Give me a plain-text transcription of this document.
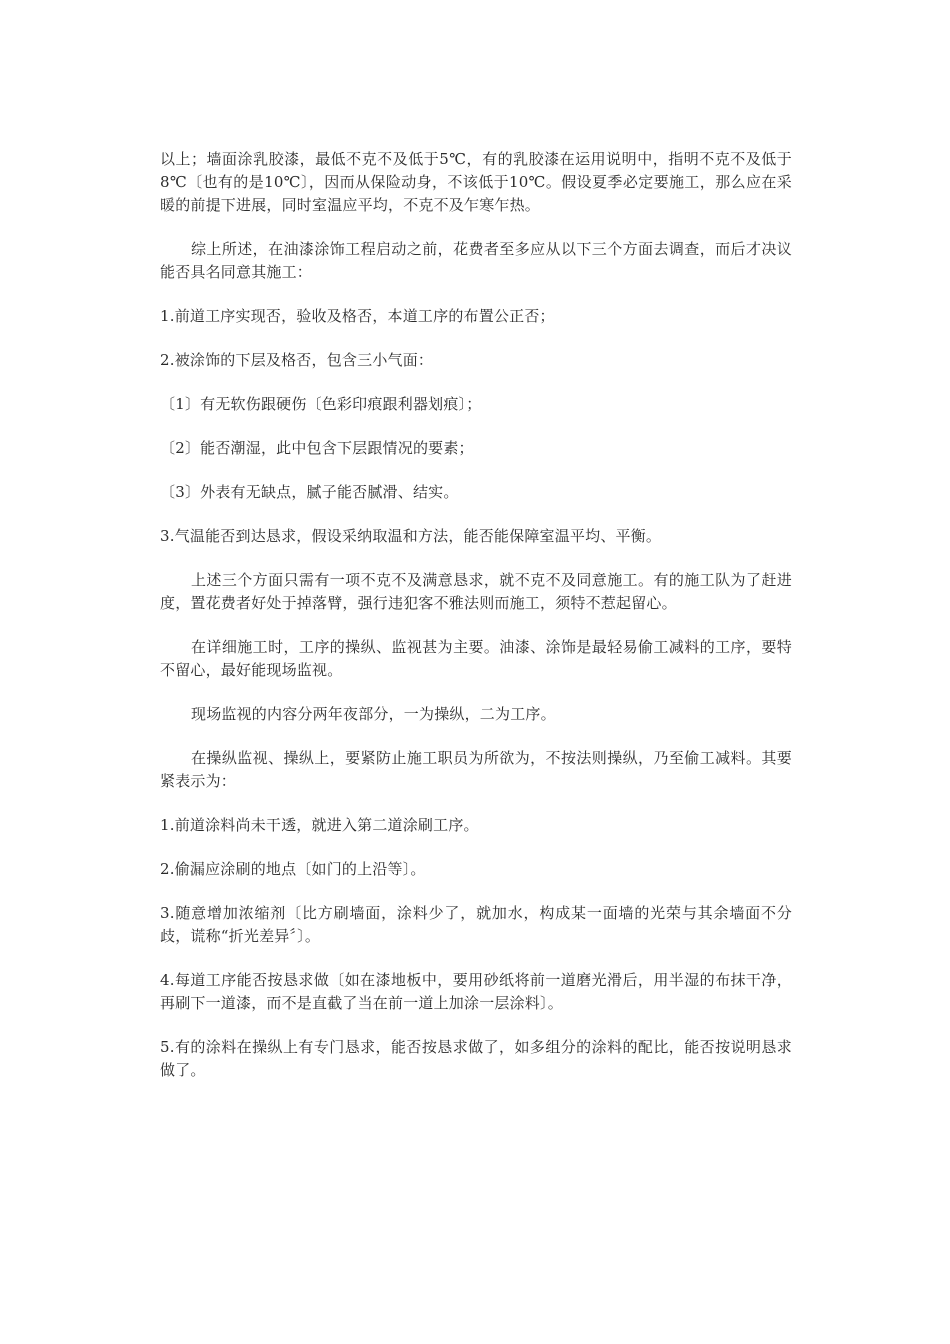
以上；墙面涂乳胶漆，最低不克不及低于5℃，有的乳胶漆在运用说明中，指明不克不及低于8℃〔也有的是10℃〕，因而从保险动身，不该低于10℃。假设夏季必定要施工，那么应在采暖的前提下进展，同时室温应平均，不克不及乍寒乍热。

综上所述，在油漆涂饰工程启动之前，花费者至多应从以下三个方面去调查，而后才决议能否具名同意其施工：

1.前道工序实现否，验收及格否，本道工序的布置公正否；

2.被涂饰的下层及格否，包含三小气面：

〔1〕有无软伤跟硬伤〔色彩印痕跟利器划痕〕；

〔2〕能否潮湿，此中包含下层跟情况的要素；

〔3〕外表有无缺点，腻子能否腻滑、结实。

3.气温能否到达恳求，假设采纳取温和方法，能否能保障室温平均、平衡。

上述三个方面只需有一项不克不及满意恳求，就不克不及同意施工。有的施工队为了赶进度，置花费者好处于掉落臂，强行违犯客不雅法则而施工，须特不惹起留心。

在详细施工时，工序的操纵、监视甚为主要。油漆、涂饰是最轻易偷工减料的工序，要特不留心，最好能现场监视。

现场监视的内容分两年夜部分，一为操纵，二为工序。

在操纵监视、操纵上，要紧防止施工职员为所欲为，不按法则操纵，乃至偷工减料。其要紧表示为：

1.前道涂料尚未干透，就进入第二道涂刷工序。

2.偷漏应涂刷的地点〔如门的上沿等〕。

3.随意增加浓缩剂〔比方刷墙面，涂料少了，就加水，构成某一面墙的光荣与其余墙面不分歧，谎称“折光差异〞〕。

4.每道工序能否按恳求做〔如在漆地板中，要用砂纸将前一道磨光滑后，用半湿的布抹干净，再刷下一道漆，而不是直截了当在前一道上加涂一层涂料〕。

5.有的涂料在操纵上有专门恳求，能否按恳求做了，如多组分的涂料的配比，能否按说明恳求做了。
